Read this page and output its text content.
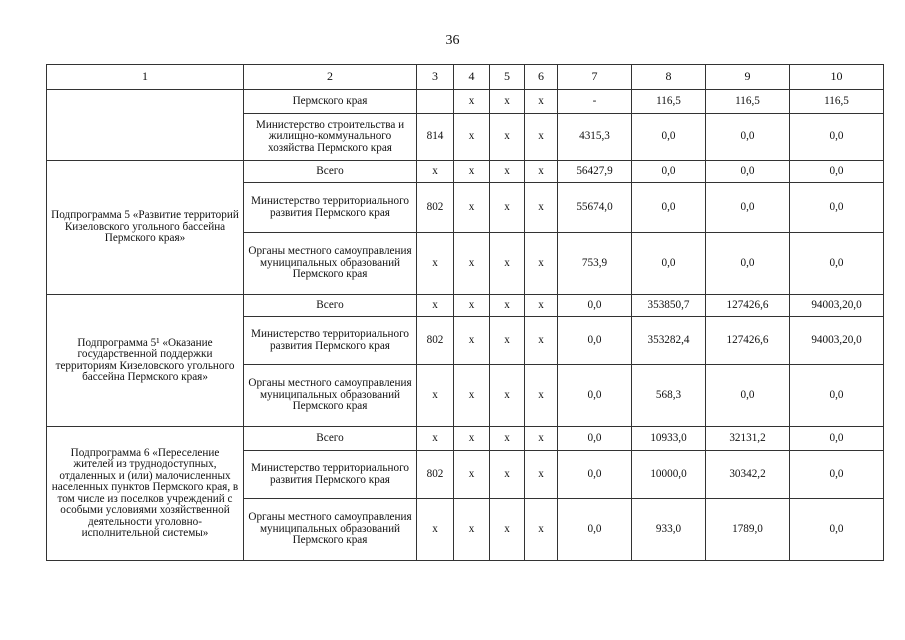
36
1	2	3	4	5	6	7	8	9	10
	Пермского края		x	x	x	-	116,5	116,5	116,5
	Министерство строительства и жилищно-коммунального хозяйства Пермского края	814	x	x	x	4315,3	0,0	0,0	0,0
Подпрограмма 5 «Развитие территорий Кизеловского угольного бассейна Пермского края»	Всего	x	x	x	x	56427,9	0,0	0,0	0,0
	Министерство территориального развития Пермского края	802	x	x	x	55674,0	0,0	0,0	0,0
	Органы местного самоуправления муниципальных образований Пермского края	x	x	x	x	753,9	0,0	0,0	0,0
Подпрограмма 5¹ «Оказание государственной поддержки территориям Кизеловского угольного бассейна Пермского края»	Всего	x	x	x	x	0,0	353850,7	127426,6	94003,20,0
	Министерство территориального развития Пермского края	802	x	x	x	0,0	353282,4	127426,6	94003,20,0
	Органы местного самоуправления муниципальных образований Пермского края	x	x	x	x	0,0	568,3	0,0	0,0
Подпрограмма 6 «Переселение жителей из труднодоступных, отдаленных и (или) малочисленных населенных пунктов Пермского края, в том числе из поселков учреждений с особыми условиями хозяйственной деятельности уголовно-исполнительной системы»	Всего	x	x	x	x	0,0	10933,0	32131,2	0,0
	Министерство территориального развития Пермского края	802	x	x	x	0,0	10000,0	30342,2	0,0
	Органы местного самоуправления муниципальных образований Пермского края	x	x	x	x	0,0	933,0	1789,0	0,0
